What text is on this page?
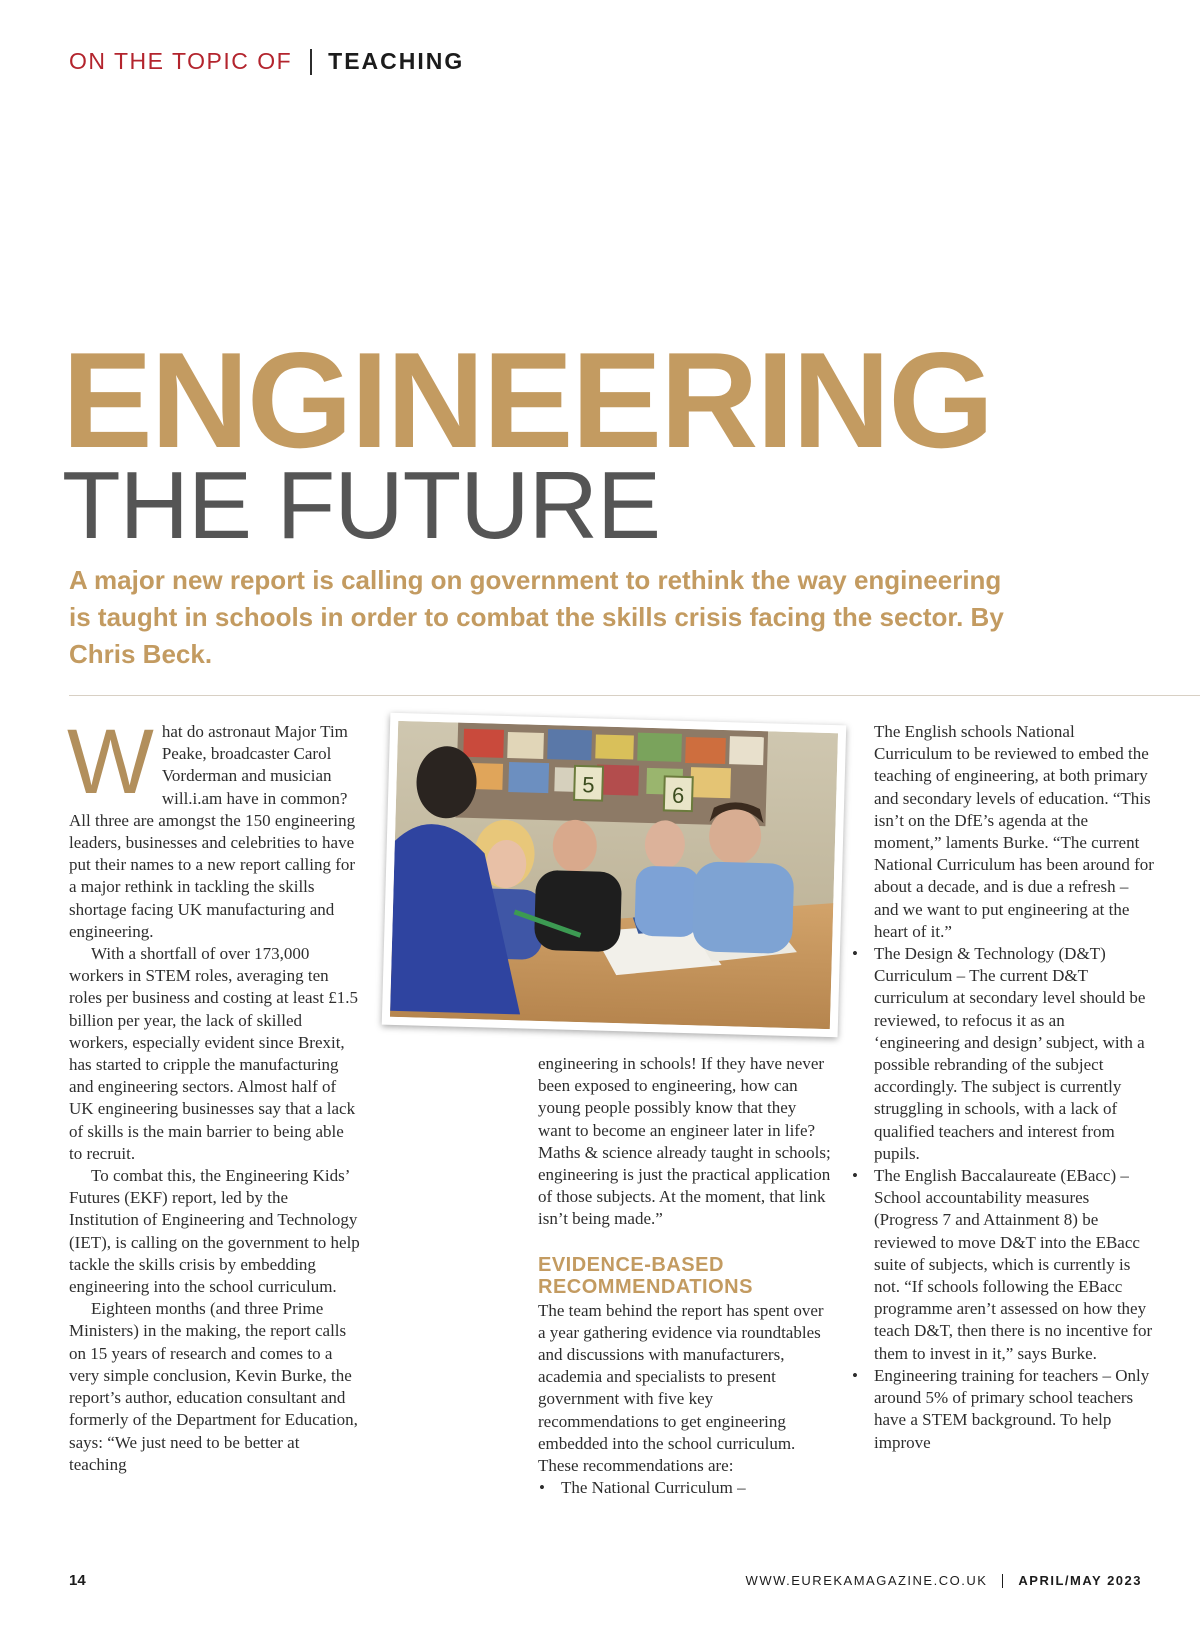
ON THE TOPIC OF TEACHING
ENGINEERING
THE FUTURE
A major new report is calling on government to rethink the way engineering is taught in schools in order to combat the skills crisis facing the sector. By Chris Beck.

What do astronaut Major Tim Peake, broadcaster Carol Vorderman and musician will.i.am have in common? All three are amongst the 150 engineering leaders, businesses and celebrities to have put their names to a new report calling for a major rethink in tackling the skills shortage facing UK manufacturing and engineering.

With a shortfall of over 173,000 workers in STEM roles, averaging ten roles per business and costing at least £1.5 billion per year, the lack of skilled workers, especially evident since Brexit, has started to cripple the manufacturing and engineering sectors. Almost half of UK engineering businesses say that a lack of skills is the main barrier to being able to recruit.

To combat this, the Engineering Kids’ Futures (EKF) report, led by the Institution of Engineering and Technology (IET), is calling on the government to help tackle the skills crisis by embedding engineering into the school curriculum.

Eighteen months (and three Prime Ministers) in the making, the report calls on 15 years of research and comes to a very simple conclusion, Kevin Burke, the report’s author, education consultant and formerly of the Department for Education, says: “We just need to be better at teaching

5	6

engineering in schools! If they have never been exposed to engineering, how can young people possibly know that they want to become an engineer later in life? Maths & science already taught in schools; engineering is just the practical application of those subjects. At the moment, that link isn’t being made.”

EVIDENCE-BASED RECOMMENDATIONS

The team behind the report has spent over a year gathering evidence via roundtables and discussions with manufacturers, academia and specialists to present government with five key recommendations to get engineering embedded into the school curriculum. These recommendations are:

• The National Curriculum –

The English schools National Curriculum to be reviewed to embed the teaching of engineering, at both primary and secondary levels of education. “This isn’t on the DfE’s agenda at the moment,” laments Burke. “The current National Curriculum has been around for about a decade, and is due a refresh – and we want to put engineering at the heart of it.”

• The Design & Technology (D&T) Curriculum – The current D&T curriculum at secondary level should be reviewed, to refocus it as an ‘engineering and design’ subject, with a possible rebranding of the subject accordingly. The subject is currently struggling in schools, with a lack of qualified teachers and interest from pupils.
• The English Baccalaureate (EBacc) – School accountability measures (Progress 7 and Attainment 8) be reviewed to move D&T into the EBacc suite of subjects, which is currently is not. “If schools following the EBacc programme aren’t assessed on how they teach D&T, then there is no incentive for them to invest in it,” says Burke.
• Engineering training for teachers – Only around 5% of primary school teachers have a STEM background. To help improve
14	WWW.EUREKAMAGAZINE.CO.UK APRIL/MAY 2023
